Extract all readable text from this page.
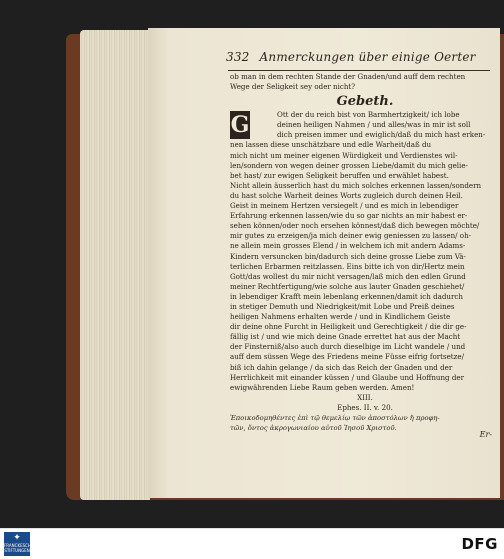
332 Anmerckungen über einige Oerter
ob man in dem rechten Stande der Gnaden/und auff dem rechten
Wege der Seligkeit sey oder nicht?
Gebeth.
G	Ott der du reich bist von Barmhertzigkeit/ ich lobe
deinen heiligen Nahmen / und alles/was in mir ist soll
dich preisen immer und ewiglich/daß du mich hast erken-
nen lassen diese unschätzbare und edle Warheit/daß du
mich nicht um meiner eigenen Würdigkeit und Verdienstes wil-
len/sondern von wegen deiner grossen Liebe/damit du mich gelie-
bet hast/ zur ewigen Seligkeit beruffen und erwählet habest.
Nicht allein äusserlich hast du mich solches erkennen lassen/sondern
du hast solche Warheit deines Worts zugleich durch deinen Heil.
Geist in meinem Hertzen versiegelt / und es mich in lebendiger
Erfahrung erkennen lassen/wie du so gar nichts an mir habest er-
sehen können/oder noch ersehen könnest/daß dich bewegen möchte/
mir gutes zu erzeigen/ja mich deiner ewig geniessen zu lassen/ oh-
ne allein mein grosses Elend / in welchem ich mit andern Adams-
Kindern versuncken bin/dadurch sich deine grosse Liebe zum Vä-
terlichen Erbarmen reitzlassen. Eins bitte ich von dir/Hertz mein
Gott/das wollest du mir nicht versagen/laß mich den edlen Grund
meiner Rechtfertigung/wie solche aus lauter Gnaden geschiehet/
in lebendiger Krafft mein lebenlang erkennen/damit ich dadurch
in stetiger Demuth und Niedrigkeit/mit Lobe und Preiß deines
heiligen Nahmens erhalten werde / und in Kindlichem Geiste
dir deine ohne Furcht in Heiligkeit und Gerechtigkeit / die dir ge-
fällig ist / und wie mich deine Gnade errettet hat aus der Macht
der Finsterniß/also auch durch dieselbige im Licht wandele / und
auff dem süssen Wege des Friedens meine Füsse eifrig fortsetze/
biß ich dahin gelange / da sich das Reich der Gnaden und der
Herrlichkeit mit einander küssen / und Glaube und Hoffnung der
ewigwährenden Liebe Raum geben werden. Amen!
XIII.
Ephes. II. v. 20.
Ἐποικοδομηθέντες ἐπὶ τῷ θεμελίῳ τῶν ἀποστόλων ἢ προφη-
τῶν, ὄντος ἀκρογωνιαίου αὐτοῦ Ἰησοῦ Χριστοῦ.
Er-
✦
FRANCKESCHE STIFTUNGEN	DFG
